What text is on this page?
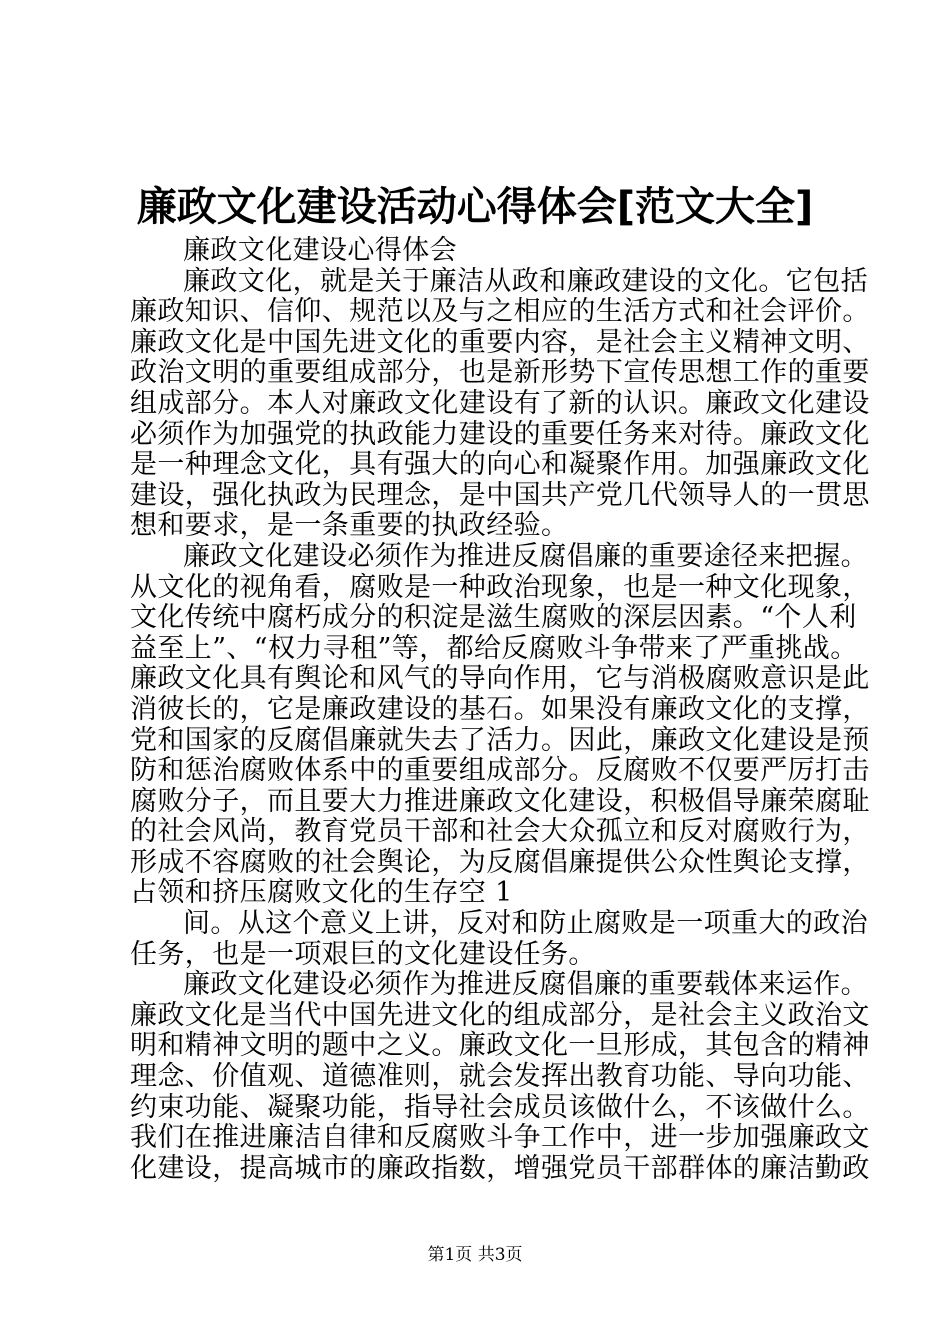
廉政文化建设活动心得体会[范文大全]
廉政文化建设心得体会
廉政文化，就是关于廉洁从政和廉政建设的文化。它包括
廉政知识、信仰、规范以及与之相应的生活方式和社会评价。
廉政文化是中国先进文化的重要内容，是社会主义精神文明、
政治文明的重要组成部分，也是新形势下宣传思想工作的重要
组成部分。本人对廉政文化建设有了新的认识。廉政文化建设
必须作为加强党的执政能力建设的重要任务来对待。廉政文化
是一种理念文化，具有强大的向心和凝聚作用。加强廉政文化
建设，强化执政为民理念，是中国共产党几代领导人的一贯思
想和要求，是一条重要的执政经验。
廉政文化建设必须作为推进反腐倡廉的重要途径来把握。
从文化的视角看，腐败是一种政治现象，也是一种文化现象，
文化传统中腐朽成分的积淀是滋生腐败的深层因素。“个人利
益至上”、“权力寻租”等，都给反腐败斗争带来了严重挑战。
廉政文化具有舆论和风气的导向作用，它与消极腐败意识是此
消彼长的，它是廉政建设的基石。如果没有廉政文化的支撑，
党和国家的反腐倡廉就失去了活力。因此，廉政文化建设是预
防和惩治腐败体系中的重要组成部分。反腐败不仅要严厉打击
腐败分子，而且要大力推进廉政文化建设，积极倡导廉荣腐耻
的社会风尚，教育党员干部和社会大众孤立和反对腐败行为，
形成不容腐败的社会舆论，为反腐倡廉提供公众性舆论支撑，
占领和挤压腐败文化的生存空 1
间。从这个意义上讲，反对和防止腐败是一项重大的政治
任务，也是一项艰巨的文化建设任务。
廉政文化建设必须作为推进反腐倡廉的重要载体来运作。
廉政文化是当代中国先进文化的组成部分，是社会主义政治文
明和精神文明的题中之义。廉政文化一旦形成，其包含的精神
理念、价值观、道德准则，就会发挥出教育功能、导向功能、
约束功能、凝聚功能，指导社会成员该做什么，不该做什么。
我们在推进廉洁自律和反腐败斗争工作中，进一步加强廉政文
化建设，提高城市的廉政指数，增强党员干部群体的廉洁勤政
第1页 共3页
